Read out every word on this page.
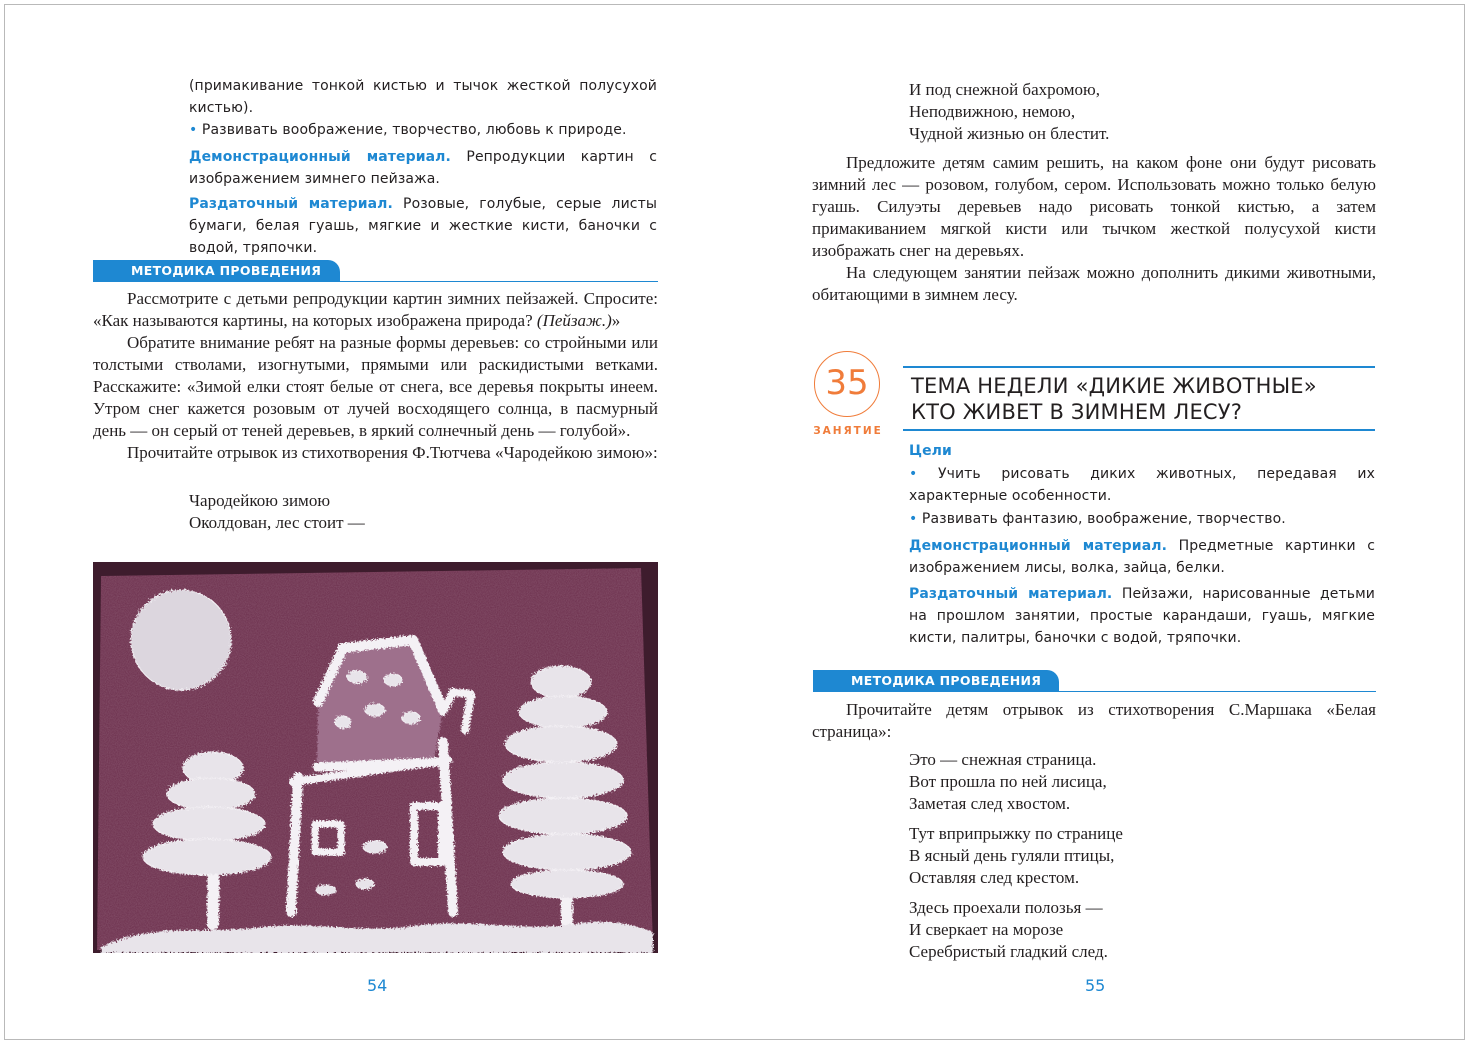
(примакивание тонкой кистью и тычок жесткой полусухой кистью).

• Развивать воображение, творчество, любовь к природе.

Демонстрационный материал. Репродукции картин с изображением зимнего пейзажа.

Раздаточный материал. Розовые, голубые, серые листы бумаги, белая гуашь, мягкие и жесткие кисти, баночки с водой, тряпочки.

МЕТОДИКА ПРОВЕДЕНИЯ

Рассмотрите с детьми репродукции картин зимних пейзажей. Спросите: «Как называются картины, на которых изображена природа? (Пейзаж.)»

Обратите внимание ребят на разные формы деревьев: со стройными или толстыми стволами, изогнутыми, прямыми или раскидистыми ветками. Расскажите: «Зимой елки стоят белые от снега, все деревья покрыты инеем. Утром снег кажется розовым от лучей восходящего солнца, в пасмурный день — он серый от теней деревьев, в яркий солнечный день — голубой».

Прочитайте отрывок из стихотворения Ф.Тютчева «Чародейкою зимою»:

Чародейкою зимою
Околдован, лес стоит —
54
И под снежной бахромою,
Неподвижною, немою,
Чудной жизнью он блестит.

Предложите детям самим решить, на каком фоне они будут рисовать зимний лес — розовом, голубом, сером. Использовать можно только белую гуашь. Силуэты деревьев надо рисовать тонкой кистью, а затем примакиванием мягкой кисти или тычком жесткой полусухой кисти изображать снег на деревьях.

На следующем занятии пейзаж можно дополнить дикими животными, обитающими в зимнем лесу.

35
ЗАНЯТИЕ
ТЕМА НЕДЕЛИ «ДИКИЕ ЖИВОТНЫЕ»
КТО ЖИВЕТ В ЗИМНЕМ ЛЕСУ?

Цели

• Учить рисовать диких животных, передавая их характерные особенности.

• Развивать фантазию, воображение, творчество.

Демонстрационный материал. Предметные картинки с изображением лисы, волка, зайца, белки.

Раздаточный материал. Пейзажи, нарисованные детьми на прошлом занятии, простые карандаши, гуашь, мягкие кисти, палитры, баночки с водой, тряпочки.

МЕТОДИКА ПРОВЕДЕНИЯ

Прочитайте детям отрывок из стихотворения С.Маршака «Белая страница»:

Это — снежная страница.
Вот прошла по ней лисица,
Заметая след хвостом.
Тут вприпрыжку по странице
В ясный день гуляли птицы,
Оставляя след крестом.
Здесь проехали полозья —
И сверкает на морозе
Серебристый гладкий след.
55
